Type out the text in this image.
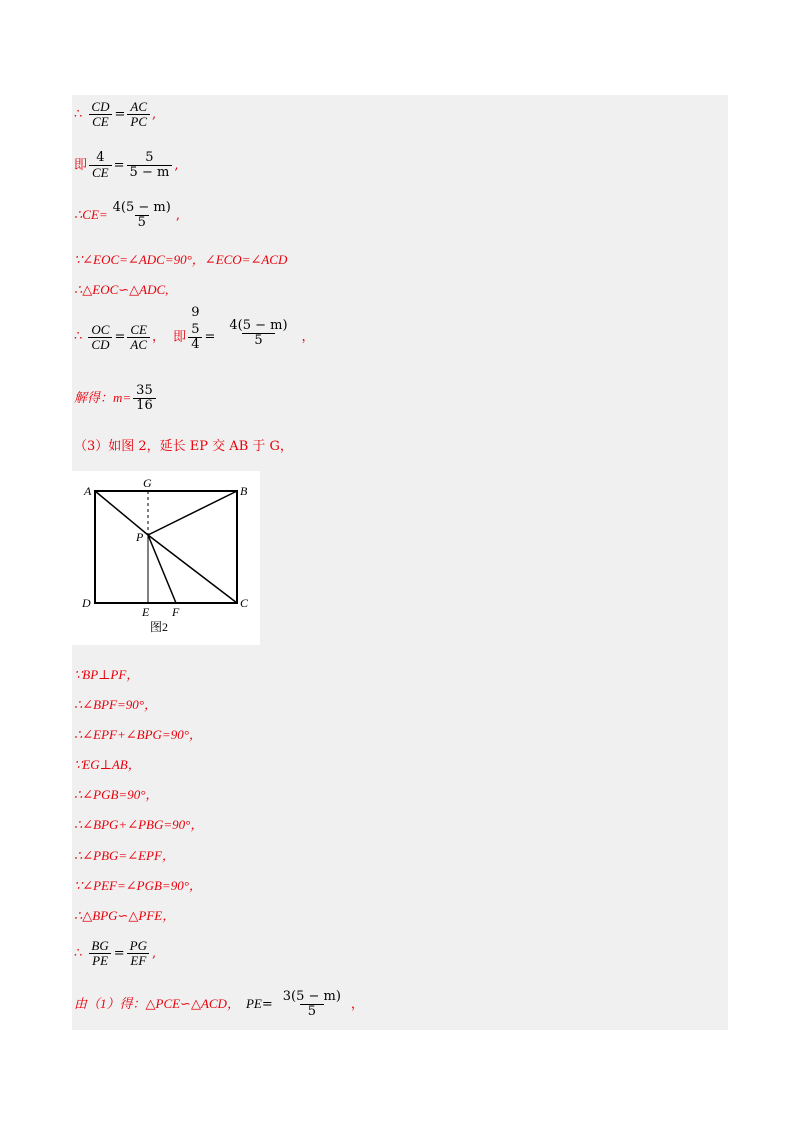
∴ $\frac{CD}{CE} = \frac{AC}{PC}$ ,
即 $\frac{4}{CE} = \frac{5}{5 - m}$ ,
∴CE= $\frac{4(5 - m)}{5}$ ,
∵∠EOC=∠ADC=90°，∠ECO=∠ACD
∴△EOC∽△ADC,
∴ $\frac{OC}{CD} = \frac{CE}{AC}$ ， 即
9
$\frac{5}{4} = \frac{4(5 - m)}{5}$ ，
解得：$m= \frac{35}{16}$
（3）如图 2，延长 EP 交 AB 于 G，
A	B
C
D
G
P
E F
图2
∵BP⊥PF，
∴∠BPF=90°，
∴∠EPF+∠BPG=90°，
∵EG⊥AB，
∴∠PGB=90°，
∴∠BPG+∠PBG=90°，
∴∠PBG=∠EPF，
∵∠PEF=∠PGB=90°，
∴△BPG∽△PFE，
∴ $\frac{BG}{PE} = \frac{PG}{EF}$ ,
由（1）得：△PCE∽△ACD， $PE= \frac{3(5 - m)}{5}$ ，
